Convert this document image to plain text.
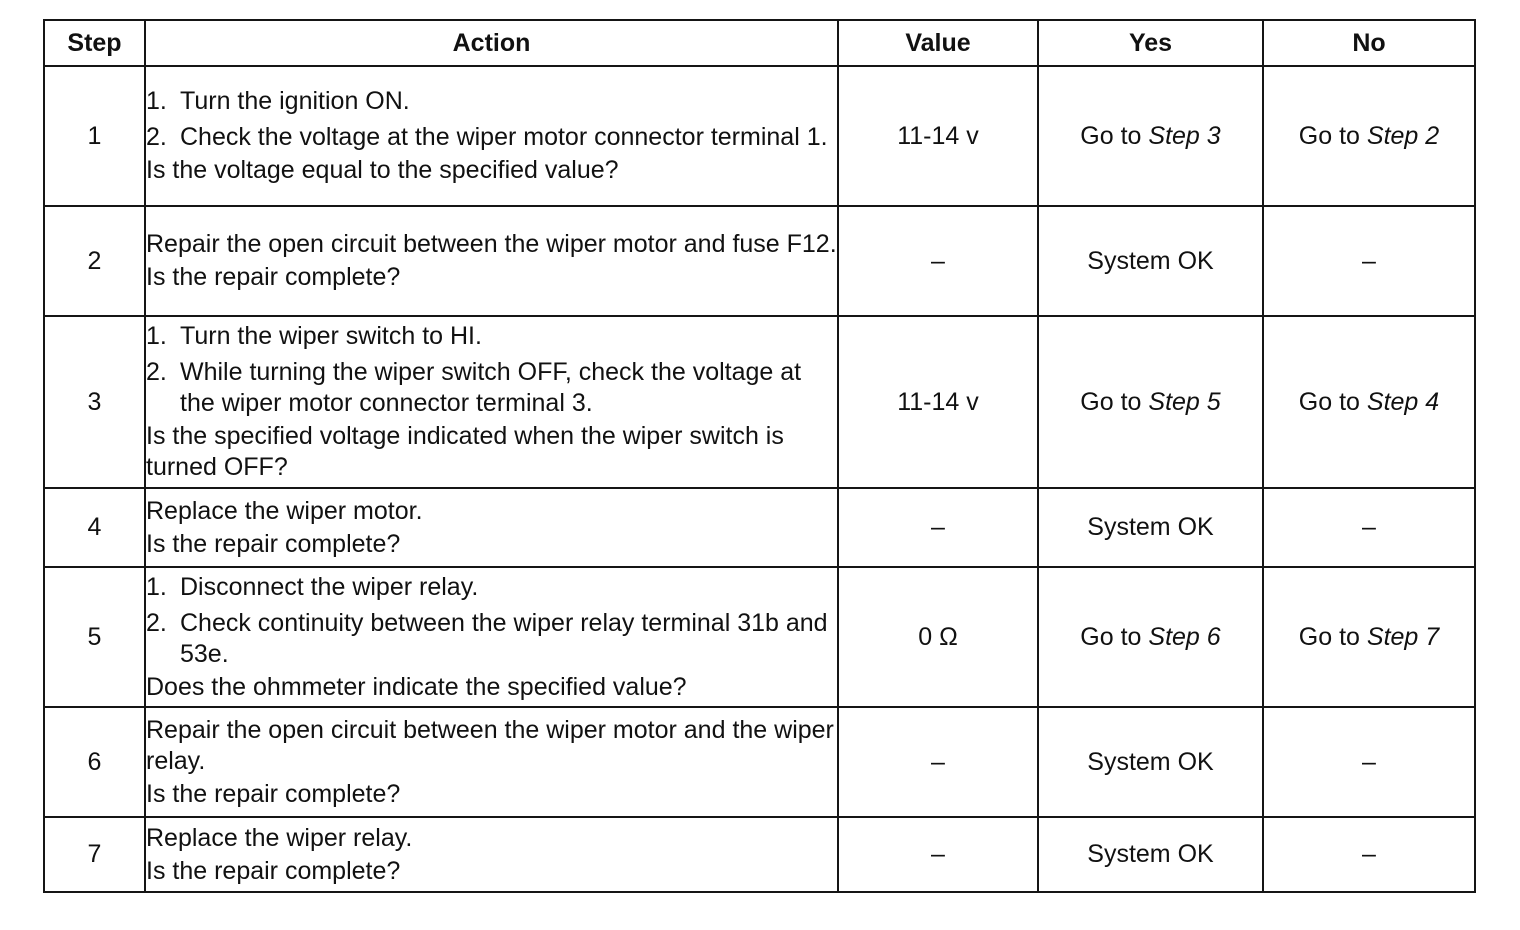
Step	Action	Value	Yes	No
1	1. Turn the ignition ON.
2. Check the voltage at the wiper motor connector terminal 1.
Is the voltage equal to the specified value?	11-14 v	Go to Step 3	Go to Step 2
2	Repair the open circuit between the wiper motor and fuse F12.
Is the repair complete?	–	System OK	–
3	1. Turn the wiper switch to HI.
2. While turning the wiper switch OFF, check the voltage at the wiper motor connector terminal 3.
Is the specified voltage indicated when the wiper switch is turned OFF?	11-14 v	Go to Step 5	Go to Step 4
4	Replace the wiper motor.
Is the repair complete?	–	System OK	–
5	1. Disconnect the wiper relay.
2. Check continuity between the wiper relay terminal 31b and 53e.
Does the ohmmeter indicate the specified value?	0 Ω	Go to Step 6	Go to Step 7
6	Repair the open circuit between the wiper motor and the wiper relay.
Is the repair complete?	–	System OK	–
7	Replace the wiper relay.
Is the repair complete?	–	System OK	–
